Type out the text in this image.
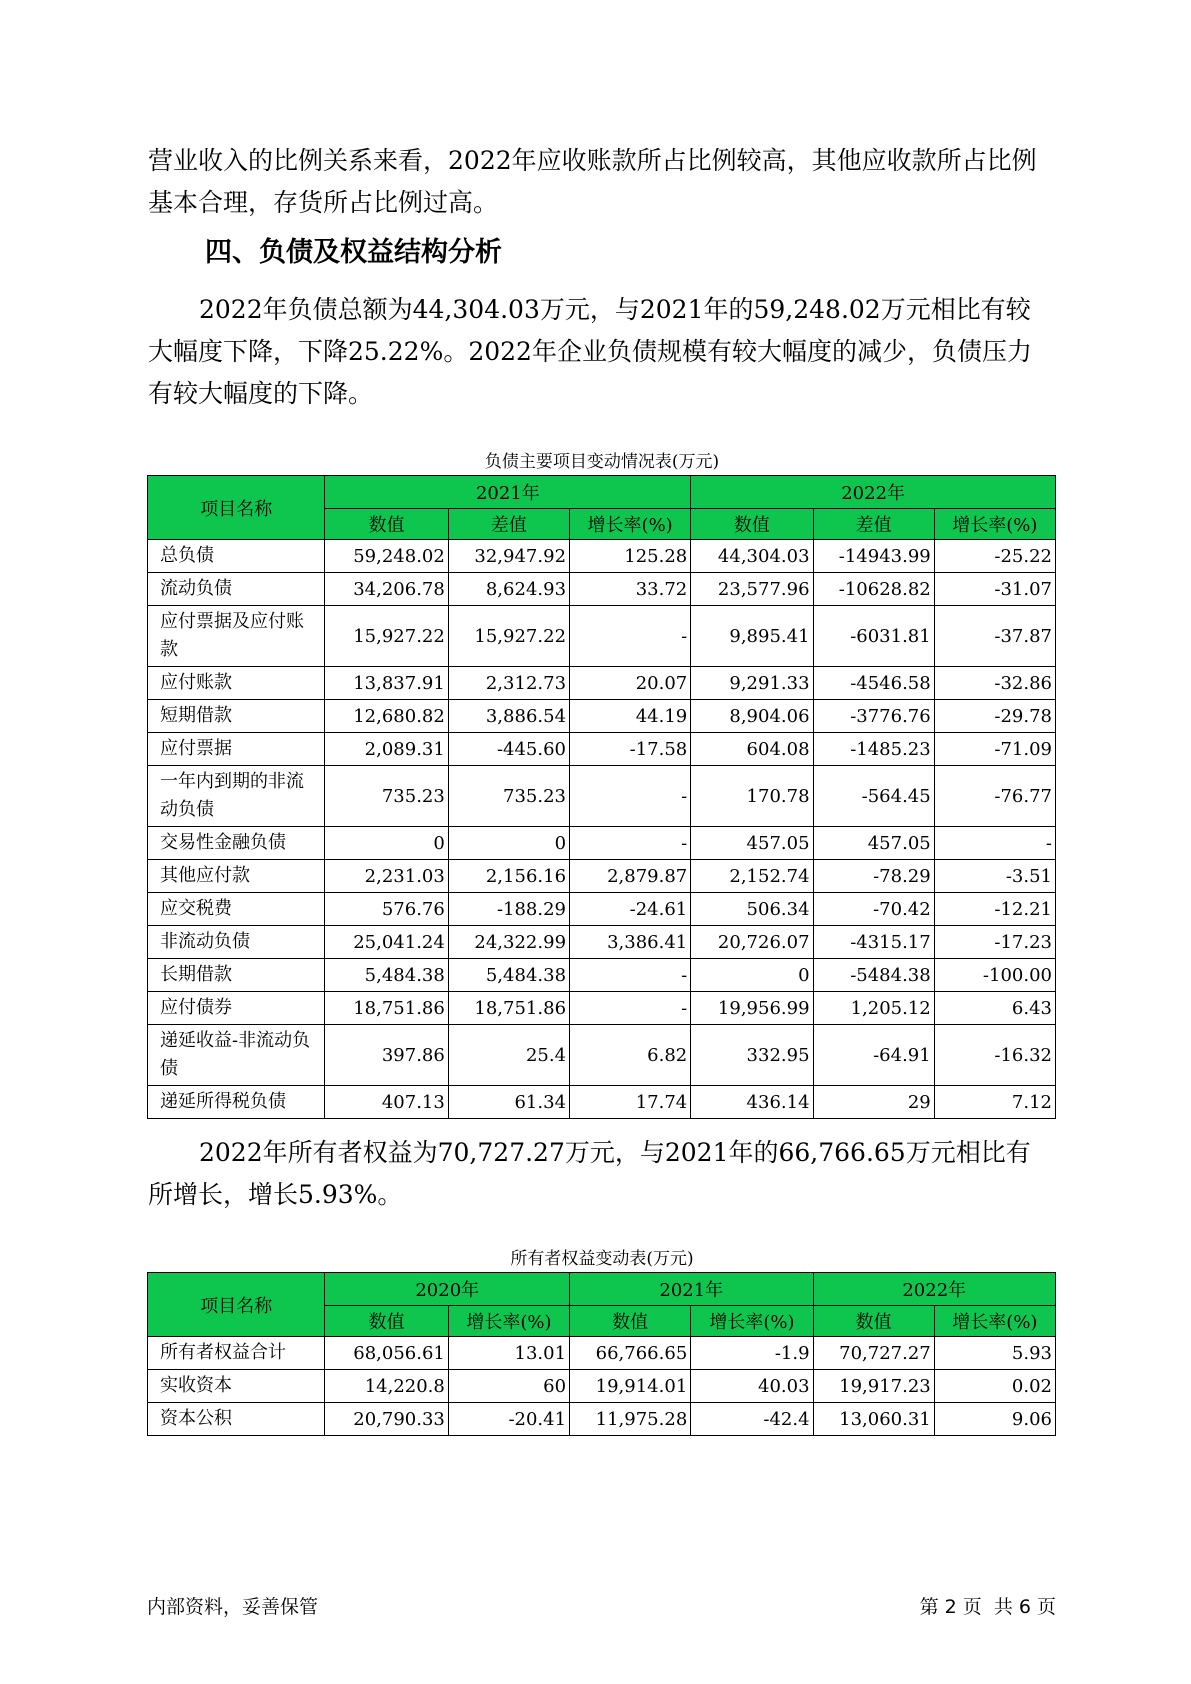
营业收入的比例关系来看，2022年应收账款所占比例较高，其他应收款所占比例基本合理，存货所占比例过高。

四、负债及权益结构分析

2022年负债总额为44,304.03万元，与2021年的59,248.02万元相比有较大幅度下降，下降25.22%。2022年企业负债规模有较大幅度的减少，负债压力有较大幅度的下降。

负债主要项目变动情况表(万元)
项目名称	2021年			2022年		
	数值	差值	增长率(%)	数值	差值	增长率(%)
总负债	59,248.02	32,947.92	125.28	44,304.03	-14943.99	-25.22
流动负债	34,206.78	8,624.93	33.72	23,577.96	-10628.82	-31.07
应付票据及应付账款	15,927.22	15,927.22	-	9,895.41	-6031.81	-37.87
应付账款	13,837.91	2,312.73	20.07	9,291.33	-4546.58	-32.86
短期借款	12,680.82	3,886.54	44.19	8,904.06	-3776.76	-29.78
应付票据	2,089.31	-445.60	-17.58	604.08	-1485.23	-71.09
一年内到期的非流动负债	735.23	735.23	-	170.78	-564.45	-76.77
交易性金融负债	0	0	-	457.05	457.05	-
其他应付款	2,231.03	2,156.16	2,879.87	2,152.74	-78.29	-3.51
应交税费	576.76	-188.29	-24.61	506.34	-70.42	-12.21
非流动负债	25,041.24	24,322.99	3,386.41	20,726.07	-4315.17	-17.23
长期借款	5,484.38	5,484.38	-	0	-5484.38	-100.00
应付债券	18,751.86	18,751.86	-	19,956.99	1,205.12	6.43
递延收益-非流动负债	397.86	25.4	6.82	332.95	-64.91	-16.32
递延所得税负债	407.13	61.34	17.74	436.14	29	7.12

2022年所有者权益为70,727.27万元，与2021年的66,766.65万元相比有所增长，增长5.93%。

所有者权益变动表(万元)
项目名称	2020年		2021年		2022年	
	数值	增长率(%)	数值	增长率(%)	数值	增长率(%)
所有者权益合计	68,056.61	13.01	66,766.65	-1.9	70,727.27	5.93
实收资本	14,220.8	60	19,914.01	40.03	19,917.23	0.02
资本公积	20,790.33	-20.41	11,975.28	-42.4	13,060.31	9.06
内部资料，妥善保管	第 2 页  共 6 页
